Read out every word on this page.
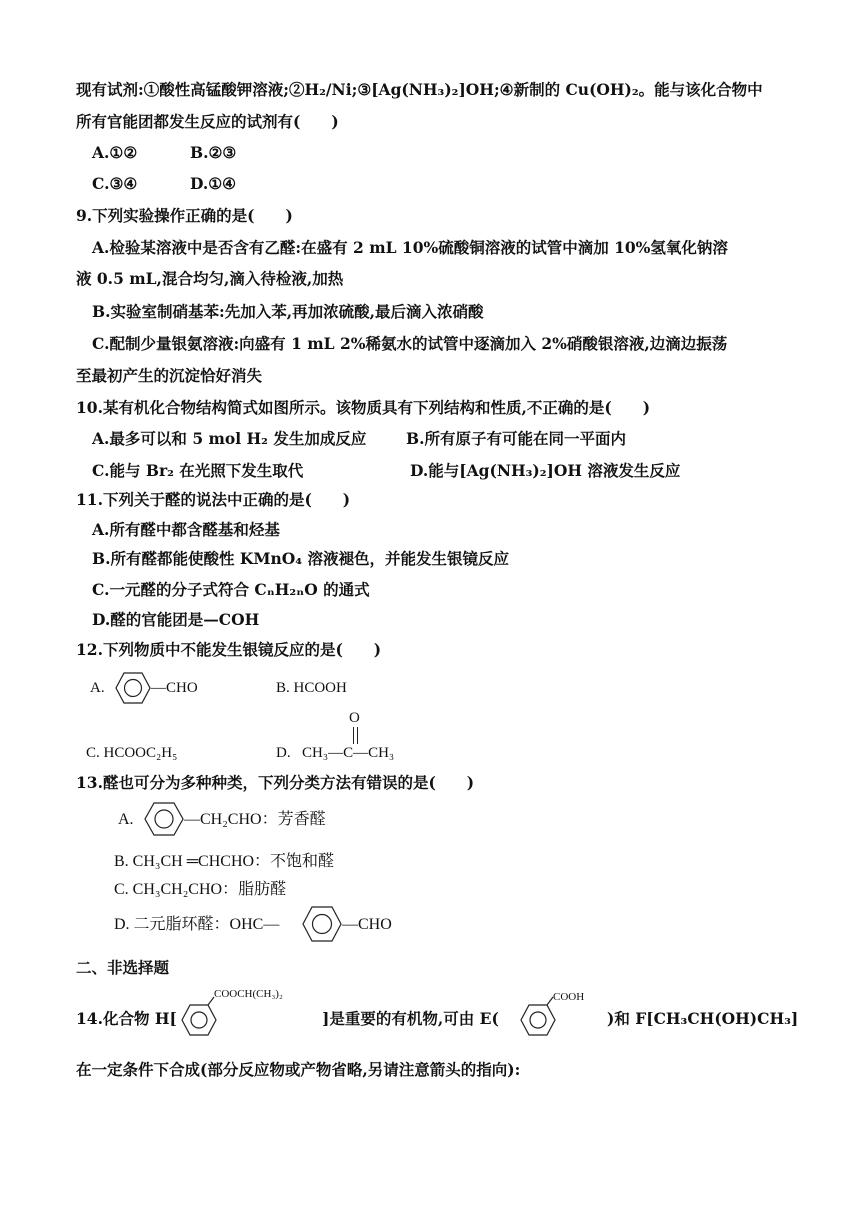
现有试剂:①酸性高锰酸钾溶液;②H₂/Ni;③[Ag(NH₃)₂]OH;④新制的 Cu(OH)₂。能与该化合物中
所有官能团都发生反应的试剂有(　　)
A.①②	B.②③
C.③④	D.①④
9.下列实验操作正确的是(　　)
A.检验某溶液中是否含有乙醛:在盛有 2 mL 10%硫酸铜溶液的试管中滴加 10%氢氧化钠溶
液 0.5 mL,混合均匀,滴入待检液,加热
B.实验室制硝基苯:先加入苯,再加浓硫酸,最后滴入浓硝酸
C.配制少量银氨溶液:向盛有 1 mL 2%稀氨水的试管中逐滴加入 2%硝酸银溶液,边滴边振荡
至最初产生的沉淀恰好消失
10.某有机化合物结构简式如图所示。该物质具有下列结构和性质,不正确的是(　　)
A.最多可以和 5 mol H₂ 发生加成反应	B.所有原子有可能在同一平面内
C.能与 Br₂ 在光照下发生取代	D.能与[Ag(NH₃)₂]OH 溶液发生反应
11.下列关于醛的说法中正确的是(　　)
A.所有醛中都含醛基和烃基
B.所有醛都能使酸性 KMnO₄ 溶液褪色，并能发生银镜反应
C.一元醛的分子式符合 CₙH₂ₙO 的通式
D.醛的官能团是—COH
12.下列物质中不能发生银镜反应的是(　　)
A.	—CHO	B. HCOOH
O
C. HCOOC₂H₅	D. CH₃—C—CH₃
13.醛也可分为多种种类，下列分类方法有错误的是(　　)
A.	—CH₂CHO：芳香醛
B. CH₃CH ═CHCHO：不饱和醛
C. CH₃CH₂CHO：脂肪醛
D. 二元脂环醛：OHC—	—CHO
二、非选择题
14.化合物 H[
COOCH(CH₃)₂
]是重要的有机物,可由 E(
COOH
)和 F[CH₃CH(OH)CH₃]
在一定条件下合成(部分反应物或产物省略,另请注意箭头的指向):
